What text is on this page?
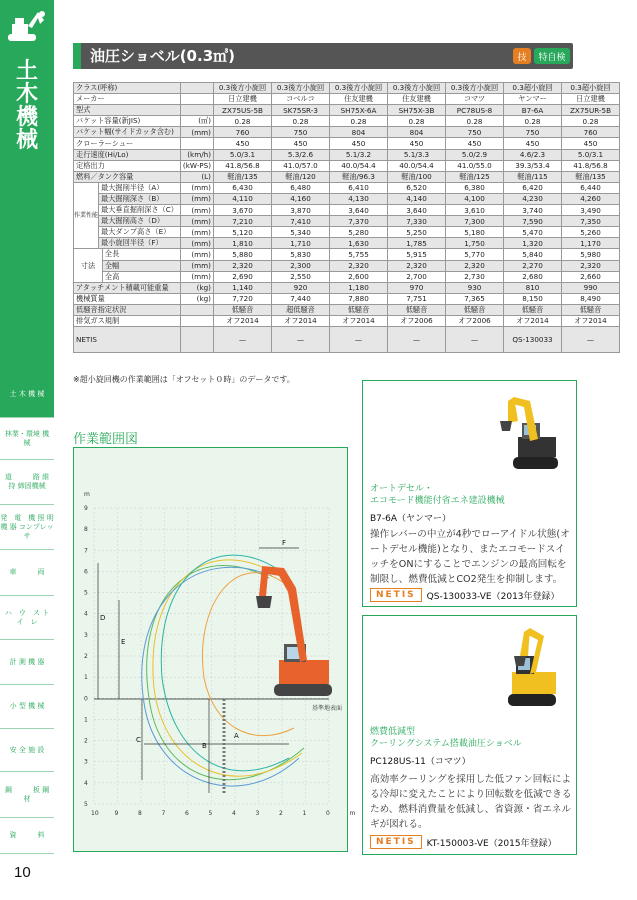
土木機械
土 木 機 械
林業・環境 機　　械
道　　　路 維　　　持 締固機械
発　電　機 照 明 機 器 コンプレッサ
車　　　両
ハ　ウ　ス ト　イ　レ
計 測 機 器
小 型 機 械
安 全 施 設
鋼　　　板 鋼　　　材
資　　　料
10
油圧ショベル(0.3㎥)	技	特自検
クラス(呼称)				0.3後方小旋回	0.3後方小旋回	0.3後方小旋回	0.3後方小旋回	0.3後方小旋回	0.3超小旋回	0.3超小旋回
メーカー				日立建機	コベルコ	住友建機	住友建機	コマツ	ヤンマー	日立建機
型式				ZX75US-5B	SK75SR-3	SH75X-6A	SH75X-3B	PC78US-8	B7-6A	ZX75UR-5B
バケット容量(新JIS)			(㎥)	0.28	0.28	0.28	0.28	0.28	0.28	0.28
バケット幅(サイドカッタ含む)			(mm)	760	750	804	804	750	750	760
クローラーシュー				450	450	450	450	450	450	450
走行速度(Hi/Lo)			(km/h)	5.0/3.1	5.3/2.6	5.1/3.2	5.1/3.3	5.0/2.9	4.6/2.3	5.0/3.1
定格出力			(kW-PS)	41.8/56.8	41.0/57.0	40.0/54.4	40.0/54.4	41.0/55.0	39.3/53.4	41.8/56.8
燃料／タンク容量			(L)	軽油/135	軽油/120	軽油/96.3	軽油/100	軽油/125	軽油/115	軽油/135
作業性能	最大掘削半径（A）		(mm)	6,430	6,480	6,410	6,520	6,380	6,420	6,440
	最大掘削深さ（B）		(mm)	4,110	4,160	4,130	4,140	4,100	4,230	4,260
	最大垂直掘削深さ（C）		(mm)	3,670	3,870	3,640	3,640	3,610	3,740	3,490
	最大掘削高さ（D）		(mm)	7,210	7,410	7,370	7,330	7,300	7,590	7,350
	最大ダンプ高さ（E）		(mm)	5,120	5,340	5,280	5,250	5,180	5,470	5,260
	最小旋回半径（F）		(mm)	1,810	1,710	1,630	1,785	1,750	1,320	1,170
寸法		全長	(mm)	5,880	5,830	5,755	5,915	5,770	5,840	5,980
		全幅	(mm)	2,320	2,300	2,320	2,320	2,320	2,270	2,320
		全高	(mm)	2,690	2,550	2,600	2,700	2,730	2,680	2,660
アタッチメント積載可能重量			(kg)	1,140	920	1,180	970	930	810	990
機械質量			(kg)	7,720	7,440	7,880	7,751	7,365	8,150	8,490
低騒音指定状況				低騒音	超低騒音	低騒音	低騒音	低騒音	低騒音	低騒音
排気ガス規制				オフ2014	オフ2014	オフ2014	オフ2006	オフ2006	オフ2014	オフ2014
NETIS				—	—	—	—	—	QS-130033	—
※超小旋回機の作業範囲は「オフセット０時」のデータです。
作業範囲図
9
8
7
6
5
4
3
2
1
0
1
2
3
4
5
10	9	8	7	6	5	4	3	2	1	0	m
m
基準地表面
A
B
C
D
E
F
オートデセル・
エコモード機能付省エネ建設機械
B7-6A（ヤンマー）
操作レバーの中立が4秒でローアイドル状態(オートデセル機能)となり、またエコモードスイッチをONにすることでエンジンの最高回転を制限し、燃費低減とCO2発生を抑制します。
NETIS	QS-130033-VE（2013年登録）
燃費低減型
クーリングシステム搭載油圧ショベル
PC128US-11（コマツ）
高効率クーリングを採用した低ファン回転による冷却に変えたことにより回転数を低減できるため、燃料消費量を低減し、省資源・省エネルギが図れる。
NETIS	KT-150003-VE（2015年登録）
